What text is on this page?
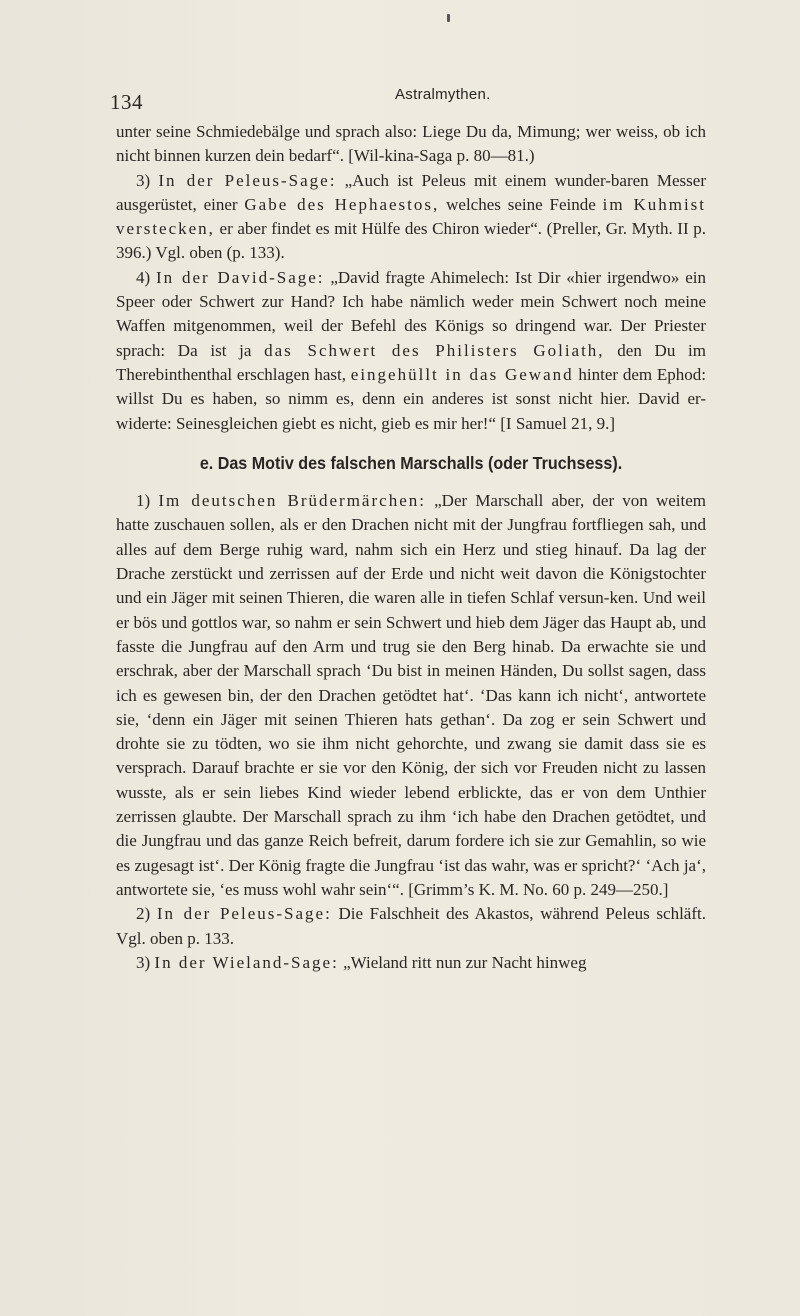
134	Astralmythen.

unter seine Schmiedebälge und sprach also: Liege Du da, Mimung; wer weiss, ob ich nicht binnen kurzen dein bedarf“. [Wil-kina-Saga p. 80—81.)

3) In der Peleus-Sage: „Auch ist Peleus mit einem wunder-baren Messer ausgerüstet, einer Gabe des Hephaestos, welches seine Feinde im Kuhmist verstecken, er aber findet es mit Hülfe des Chiron wieder“. (Preller, Gr. Myth. II p. 396.) Vgl. oben (p. 133).

4) In der David-Sage: „David fragte Ahimelech: Ist Dir «hier irgendwo» ein Speer oder Schwert zur Hand? Ich habe nämlich weder mein Schwert noch meine Waffen mitgenommen, weil der Befehl des Königs so dringend war. Der Priester sprach: Da ist ja das Schwert des Philisters Goliath, den Du im Therebinthenthal erschlagen hast, eingehüllt in das Gewand hinter dem Ephod: willst Du es haben, so nimm es, denn ein anderes ist sonst nicht hier. David er-widerte: Seinesgleichen giebt es nicht, gieb es mir her!“ [I Samuel 21, 9.]

e. Das Motiv des falschen Marschalls (oder Truchsess).

1) Im deutschen Brüdermärchen: „Der Marschall aber, der von weitem hatte zuschauen sollen, als er den Drachen nicht mit der Jungfrau fortfliegen sah, und alles auf dem Berge ruhig ward, nahm sich ein Herz und stieg hinauf. Da lag der Drache zerstückt und zerrissen auf der Erde und nicht weit davon die Königstochter und ein Jäger mit seinen Thieren, die waren alle in tiefen Schlaf versun-ken. Und weil er bös und gottlos war, so nahm er sein Schwert und hieb dem Jäger das Haupt ab, und fasste die Jungfrau auf den Arm und trug sie den Berg hinab. Da erwachte sie und erschrak, aber der Marschall sprach ‘Du bist in meinen Händen, Du sollst sagen, dass ich es gewesen bin, der den Drachen getödtet hat‘. ‘Das kann ich nicht‘, antwortete sie, ‘denn ein Jäger mit seinen Thieren hats gethan‘. Da zog er sein Schwert und drohte sie zu tödten, wo sie ihm nicht gehorchte, und zwang sie damit dass sie es versprach. Darauf brachte er sie vor den König, der sich vor Freuden nicht zu lassen wusste, als er sein liebes Kind wieder lebend erblickte, das er von dem Unthier zerrissen glaubte. Der Marschall sprach zu ihm ‘ich habe den Drachen getödtet, und die Jungfrau und das ganze Reich befreit, darum fordere ich sie zur Gemahlin, so wie es zugesagt ist‘. Der König fragte die Jungfrau ‘ist das wahr, was er spricht?‘ ‘Ach ja‘, antwortete sie, ‘es muss wohl wahr sein‘“. [Grimm’s K. M. No. 60 p. 249—250.]

2) In der Peleus-Sage: Die Falschheit des Akastos, während Peleus schläft. Vgl. oben p. 133.

3) In der Wieland-Sage: „Wieland ritt nun zur Nacht hinweg
